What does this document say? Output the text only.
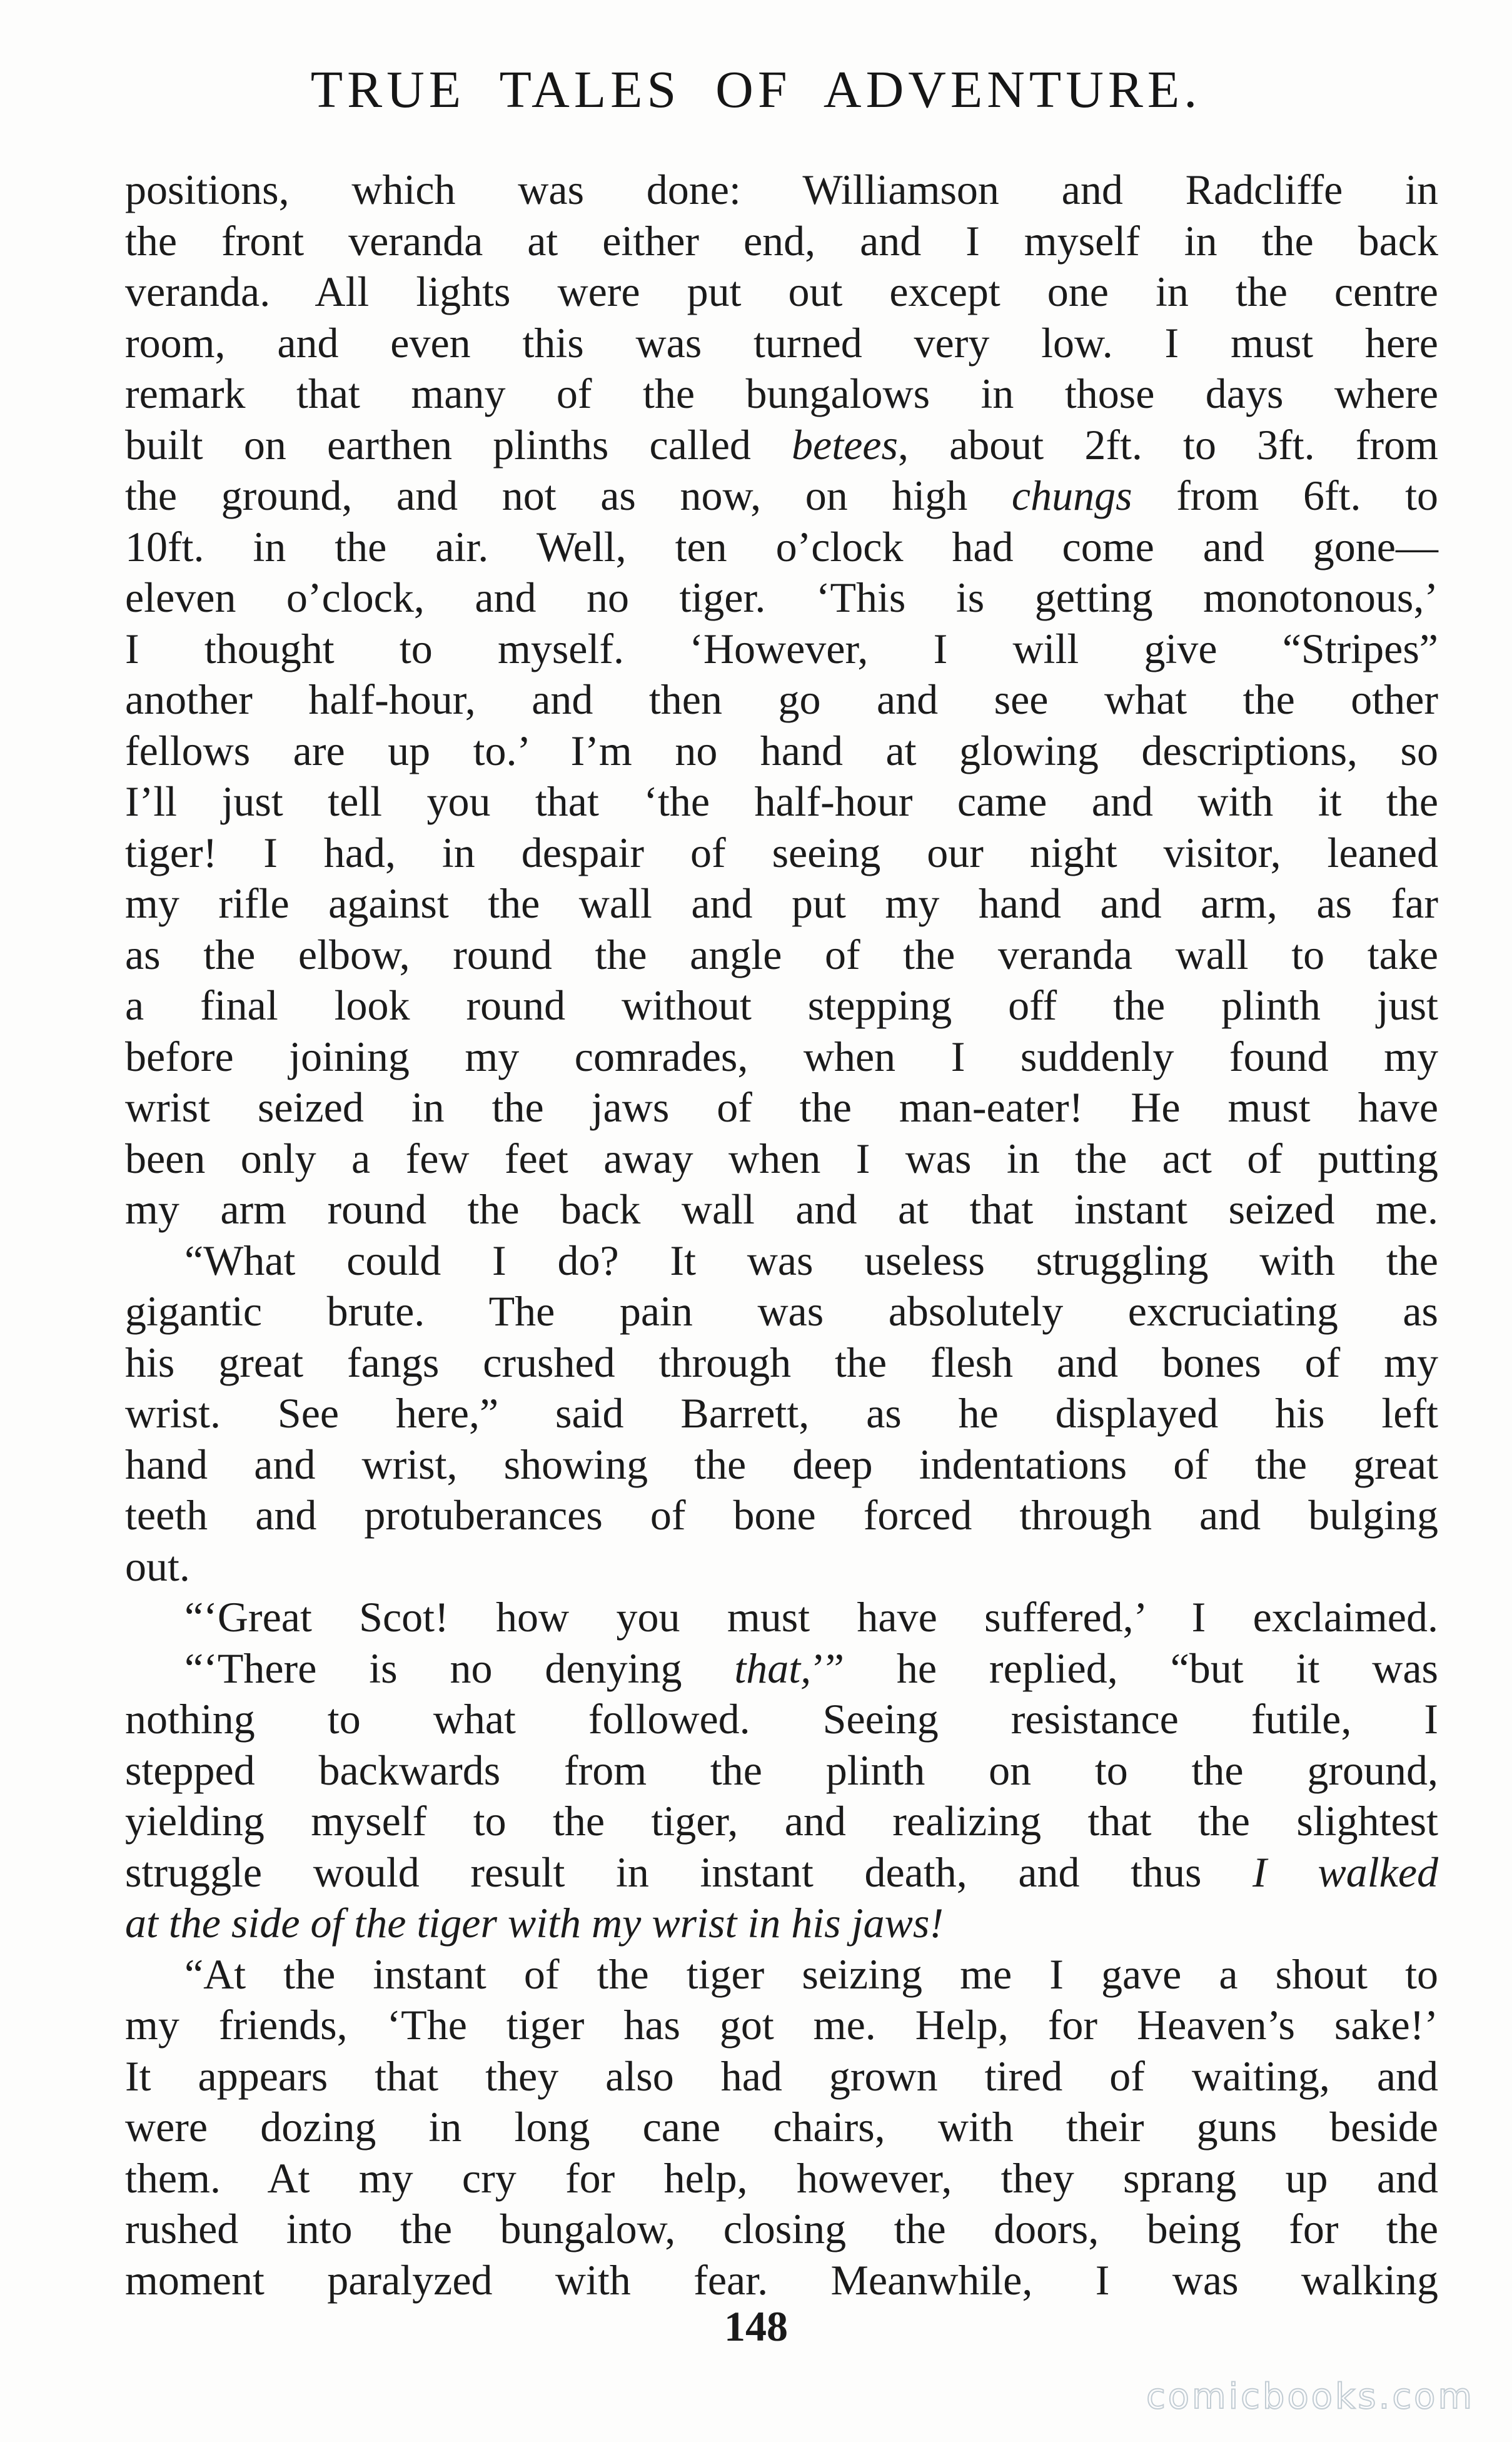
TRUE TALES OF ADVENTURE.
positions, which was done: Williamson and Radcliffe in
the front veranda at either end, and I myself in the back
veranda. All lights were put out except one in the centre
room, and even this was turned very low. I must here
remark that many of the bungalows in those days where
built on earthen plinths called betees, about 2ft. to 3ft. from
the ground, and not as now, on high chungs from 6ft. to
10ft. in the air. Well, ten o’clock had come and gone—
eleven o’clock, and no tiger. ‘This is getting monotonous,’
I thought to myself. ‘However, I will give “Stripes”
another half-hour, and then go and see what the other
fellows are up to.’ I’m no hand at glowing descriptions, so
I’ll just tell you that ‘the half-hour came and with it the
tiger! I had, in despair of seeing our night visitor, leaned
my rifle against the wall and put my hand and arm, as far
as the elbow, round the angle of the veranda wall to take
a final look round without stepping off the plinth just
before joining my comrades, when I suddenly found my
wrist seized in the jaws of the man-eater! He must have
been only a few feet away when I was in the act of putting
my arm round the back wall and at that instant seized me.
“What could I do? It was useless struggling with the
gigantic brute. The pain was absolutely excruciating as
his great fangs crushed through the flesh and bones of my
wrist. See here,” said Barrett, as he displayed his left
hand and wrist, showing the deep indentations of the great
teeth and protuberances of bone forced through and bulging
out.
“‘Great Scot! how you must have suffered,’ I exclaimed.
“‘There is no denying that,’” he replied, “but it was
nothing to what followed. Seeing resistance futile, I
stepped backwards from the plinth on to the ground,
yielding myself to the tiger, and realizing that the slightest
struggle would result in instant death, and thus I walked
at the side of the tiger with my wrist in his jaws!
“At the instant of the tiger seizing me I gave a shout to
my friends, ‘The tiger has got me. Help, for Heaven’s sake!’
It appears that they also had grown tired of waiting, and
were dozing in long cane chairs, with their guns beside
them. At my cry for help, however, they sprang up and
rushed into the bungalow, closing the doors, being for the
moment paralyzed with fear. Meanwhile, I was walking
148
comicbooks.com
